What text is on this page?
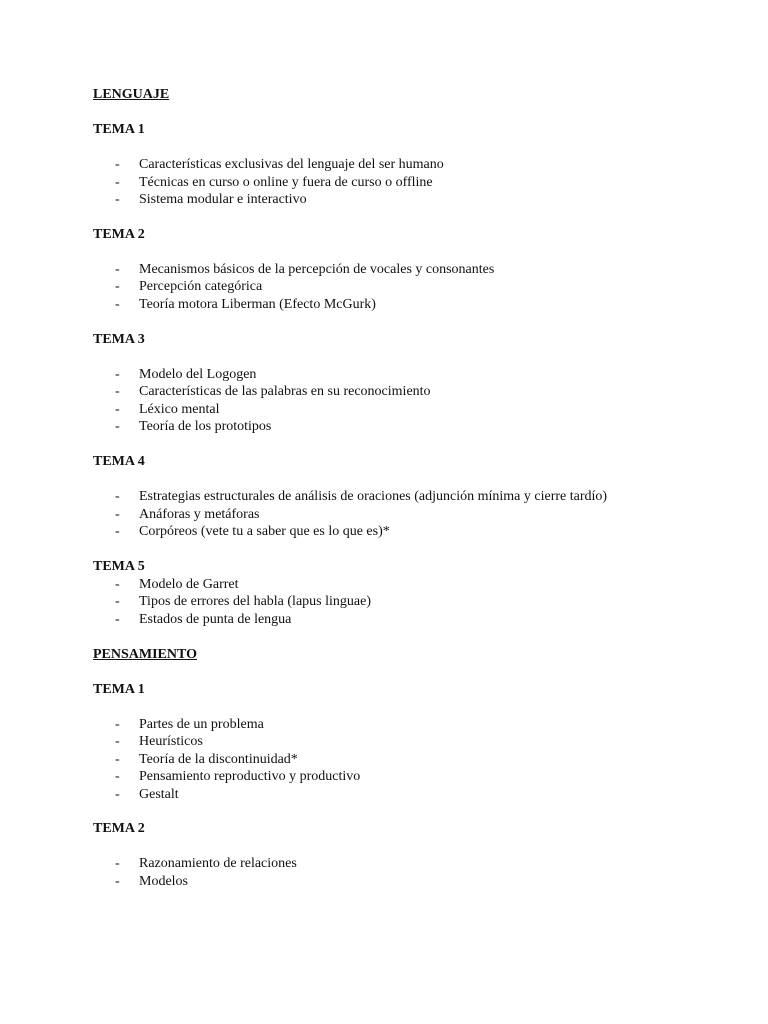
LENGUAJE
TEMA 1
- Características exclusivas del lenguaje del ser humano
- Técnicas en curso o online y fuera de curso o offline
- Sistema modular e interactivo
TEMA 2
- Mecanismos básicos de la percepción de vocales y consonantes
- Percepción categórica
- Teoría motora Liberman (Efecto McGurk)
TEMA 3
- Modelo del Logogen
- Características de las palabras en su reconocimiento
- Léxico mental
- Teoría de los prototipos
TEMA 4
- Estrategias estructurales de análisis de oraciones (adjunción mínima y cierre tardío)
- Anáforas y metáforas
- Corpóreos (vete tu a saber que es lo que es)*
TEMA 5
- Modelo de Garret
- Tipos de errores del habla (lapus linguae)
- Estados de punta de lengua
PENSAMIENTO
TEMA 1
- Partes de un problema
- Heurísticos
- Teoría de la discontinuidad*
- Pensamiento reproductivo y productivo
- Gestalt
TEMA 2
- Razonamiento de relaciones
- Modelos
